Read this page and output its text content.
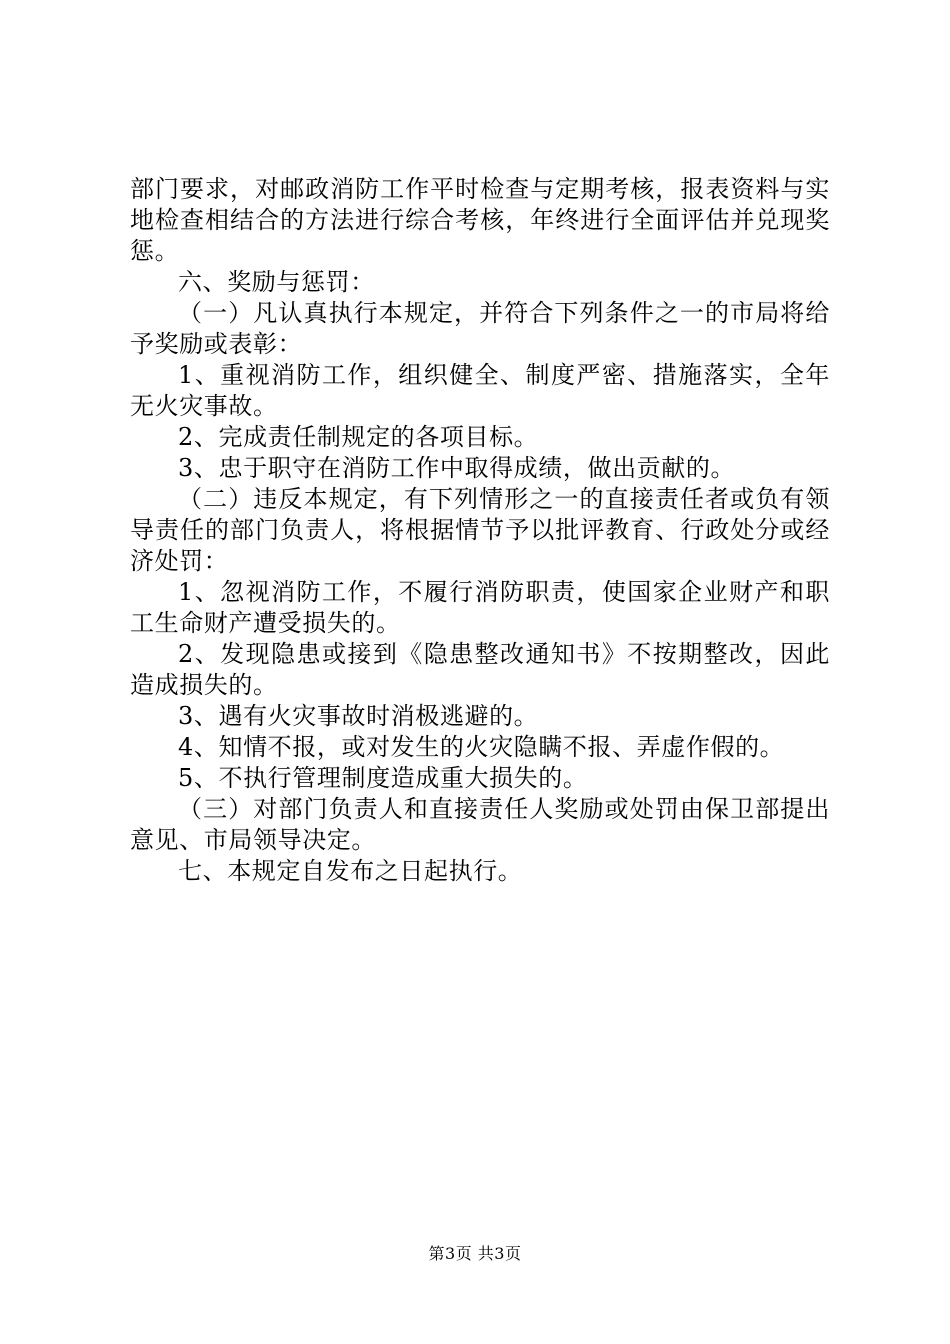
部门要求，对邮政消防工作平时检查与定期考核，报表资料与实地检查相结合的方法进行综合考核，年终进行全面评估并兑现奖惩。

六、奖励与惩罚：

（一）凡认真执行本规定，并符合下列条件之一的市局将给予奖励或表彰：

1、重视消防工作，组织健全、制度严密、措施落实，全年无火灾事故。

2、完成责任制规定的各项目标。

3、忠于职守在消防工作中取得成绩，做出贡献的。

（二）违反本规定，有下列情形之一的直接责任者或负有领导责任的部门负责人，将根据情节予以批评教育、行政处分或经济处罚：

1、忽视消防工作，不履行消防职责，使国家企业财产和职工生命财产遭受损失的。

2、发现隐患或接到《隐患整改通知书》不按期整改，因此造成损失的。

3、遇有火灾事故时消极逃避的。

4、知情不报，或对发生的火灾隐瞒不报、弄虚作假的。

5、不执行管理制度造成重大损失的。

（三）对部门负责人和直接责任人奖励或处罚由保卫部提出意见、市局领导决定。

七、本规定自发布之日起执行。

第3页 共3页
